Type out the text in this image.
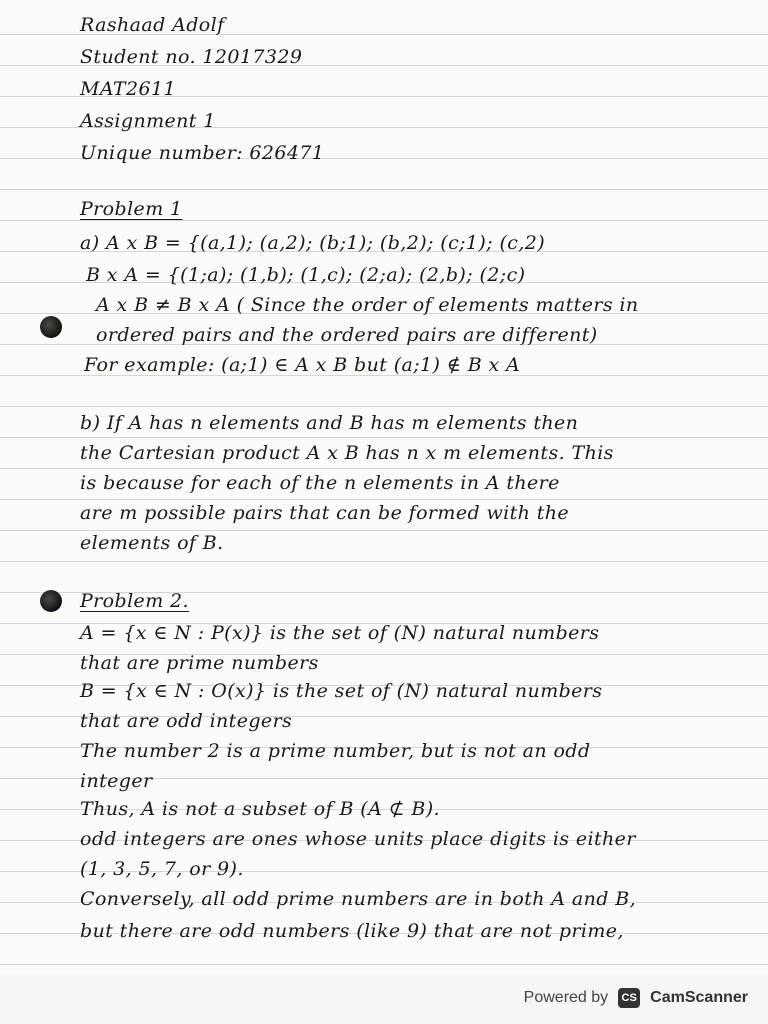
Rashaad Adolf
Student no. 12017329
MAT2611
Assignment 1
Unique number: 626471
Problem 1
a) A x B = {(a,1); (a,2); (b;1); (b,2); (c;1); (c,2)
B x A = {(1;a); (1,b); (1,c); (2;a); (2,b); (2;c)
A x B ≠ B x A ( Since the order of elements matters in
ordered pairs and the ordered pairs are different)
For example: (a;1) ∈ A x B but (a;1) ∉ B x A
b) If A has n elements and B has m elements then
the Cartesian product A x B has n x m elements. This
is because for each of the n elements in A there
are m possible pairs that can be formed with the
elements of B.
Problem 2.
A = {x ∈ N : P(x)} is the set of (N) natural numbers
that are prime numbers
B = {x ∈ N : O(x)} is the set of (N) natural numbers
that are odd integers
The number 2 is a prime number, but is not an odd
integer
Thus, A is not a subset of B (A ⊄ B).
odd integers are ones whose units place digits is either
(1, 3, 5, 7, or 9).
Conversely, all odd prime numbers are in both A and B,
but there are odd numbers (like 9) that are not prime,
Powered by	CS CamScanner
